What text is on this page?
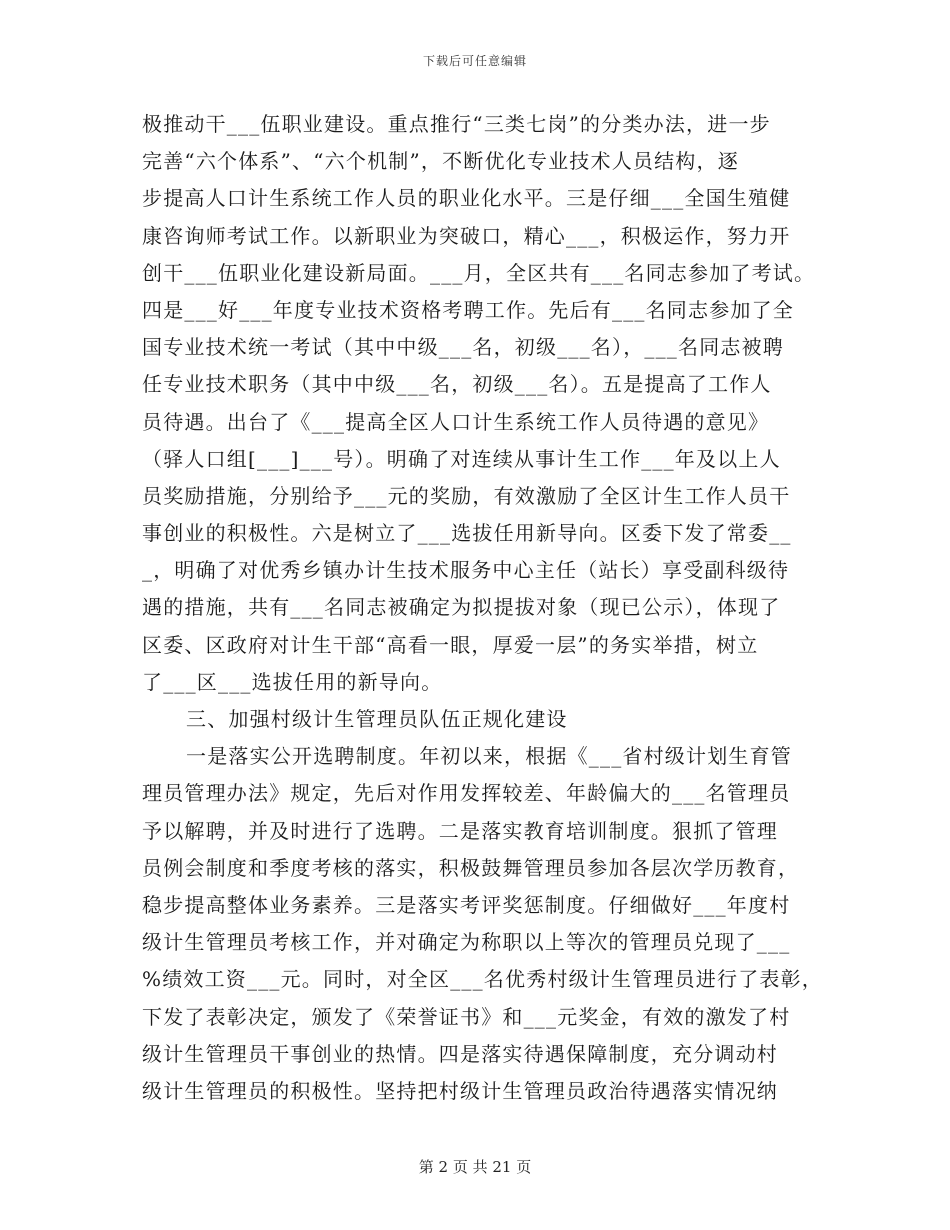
下载后可任意编辑
极推动干___伍职业建设。重点推行“三类七岗”的分类办法，进一步
完善“六个体系”、“六个机制”，不断优化专业技术人员结构，逐
步提高人口计生系统工作人员的职业化水平。三是仔细___全国生殖健
康咨询师考试工作。以新职业为突破口，精心___，积极运作，努力开
创干___伍职业化建设新局面。___月，全区共有___名同志参加了考试。
四是___好___年度专业技术资格考聘工作。先后有___名同志参加了全
国专业技术统一考试（其中中级___名，初级___名），___名同志被聘
任专业技术职务（其中中级___名，初级___名）。五是提高了工作人
员待遇。出台了《___提高全区人口计生系统工作人员待遇的意见》
（驿人口组[___]___号）。明确了对连续从事计生工作___年及以上人
员奖励措施，分别给予___元的奖励，有效激励了全区计生工作人员干
事创业的积极性。六是树立了___选拔任用新导向。区委下发了常委__
_，明确了对优秀乡镇办计生技术服务中心主任（站长）享受副科级待
遇的措施，共有___名同志被确定为拟提拔对象（现已公示），体现了
区委、区政府对计生干部“高看一眼，厚爱一层”的务实举措，树立
了___区___选拔任用的新导向。
三、加强村级计生管理员队伍正规化建设
一是落实公开选聘制度。年初以来，根据《___省村级计划生育管
理员管理办法》规定，先后对作用发挥较差、年龄偏大的___名管理员
予以解聘，并及时进行了选聘。二是落实教育培训制度。狠抓了管理
员例会制度和季度考核的落实，积极鼓舞管理员参加各层次学历教育，
稳步提高整体业务素养。三是落实考评奖惩制度。仔细做好___年度村
级计生管理员考核工作，并对确定为称职以上等次的管理员兑现了___
%绩效工资___元。同时，对全区___名优秀村级计生管理员进行了表彰，
下发了表彰决定，颁发了《荣誉证书》和___元奖金，有效的激发了村
级计生管理员干事创业的热情。四是落实待遇保障制度，充分调动村
级计生管理员的积极性。坚持把村级计生管理员政治待遇落实情况纳
第 2 页 共 21 页
